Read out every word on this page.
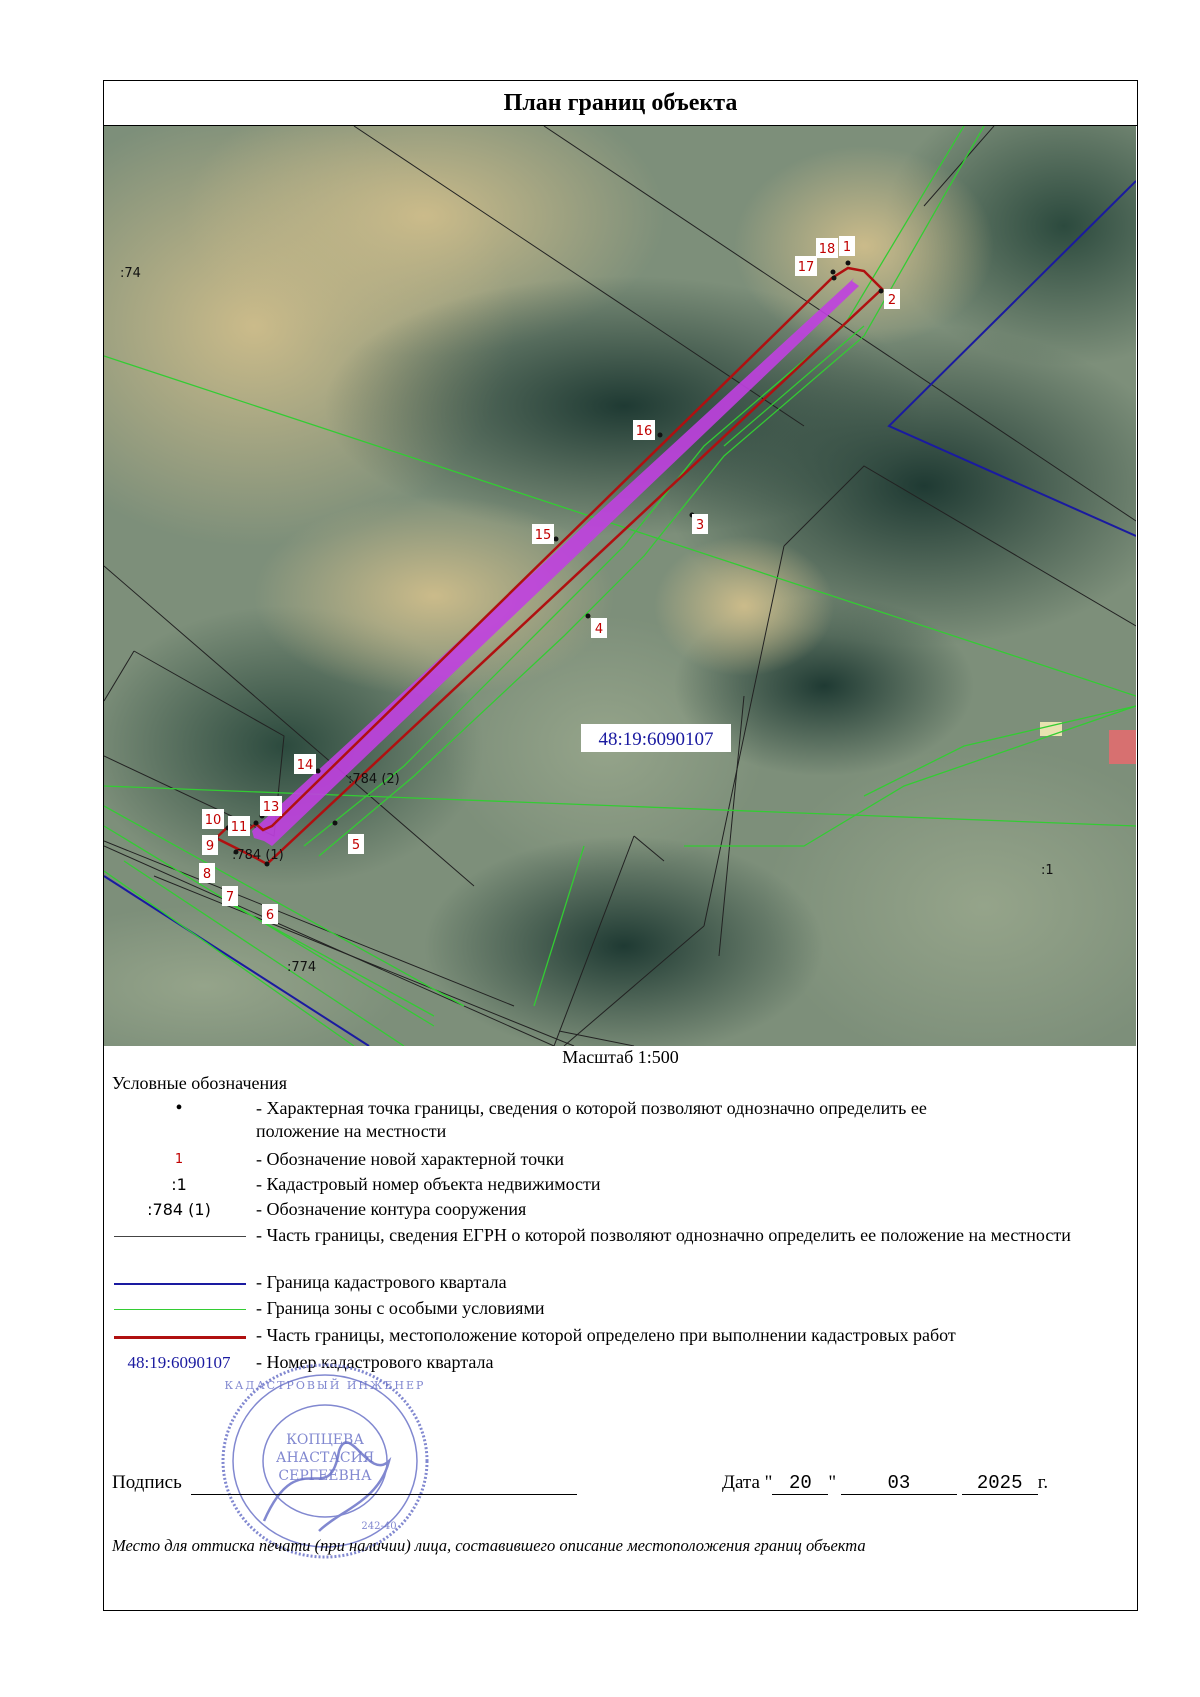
План границ объекта
1
2
3
4
5
6
7
8
9
10 11
13
14
15
16
17
18
:74
:1
:774
:784 (2)
:784 (1)
48:19:6090107
Масштаб 1:500
Условные обозначения
•	- Характерная точка границы, сведения о которой позволяют однозначно определить ее положение на местности
1	- Обозначение новой характерной точки
:1	- Кадастровый номер объекта недвижимости
:784 (1)	- Обозначение контура сооружения
- Часть границы, сведения ЕГРН о которой позволяют однозначно определить ее положение на местности
- Граница кадастрового квартала
- Граница зоны с особыми условиями
- Часть границы, местоположение которой определено при выполнении кадастровых работ
48:19:6090107	- Номер кадастрового квартала
КАДАСТРОВЫЙ ИНЖЕНЕР
КОПЦЕВА
АНАСТАСИЯ
СЕРГЕЕВНА
242-40
Подпись	Дата " 20 "	03	2025 г.
Место для оттиска печати (при наличии) лица, составившего описание местоположения границ объекта
